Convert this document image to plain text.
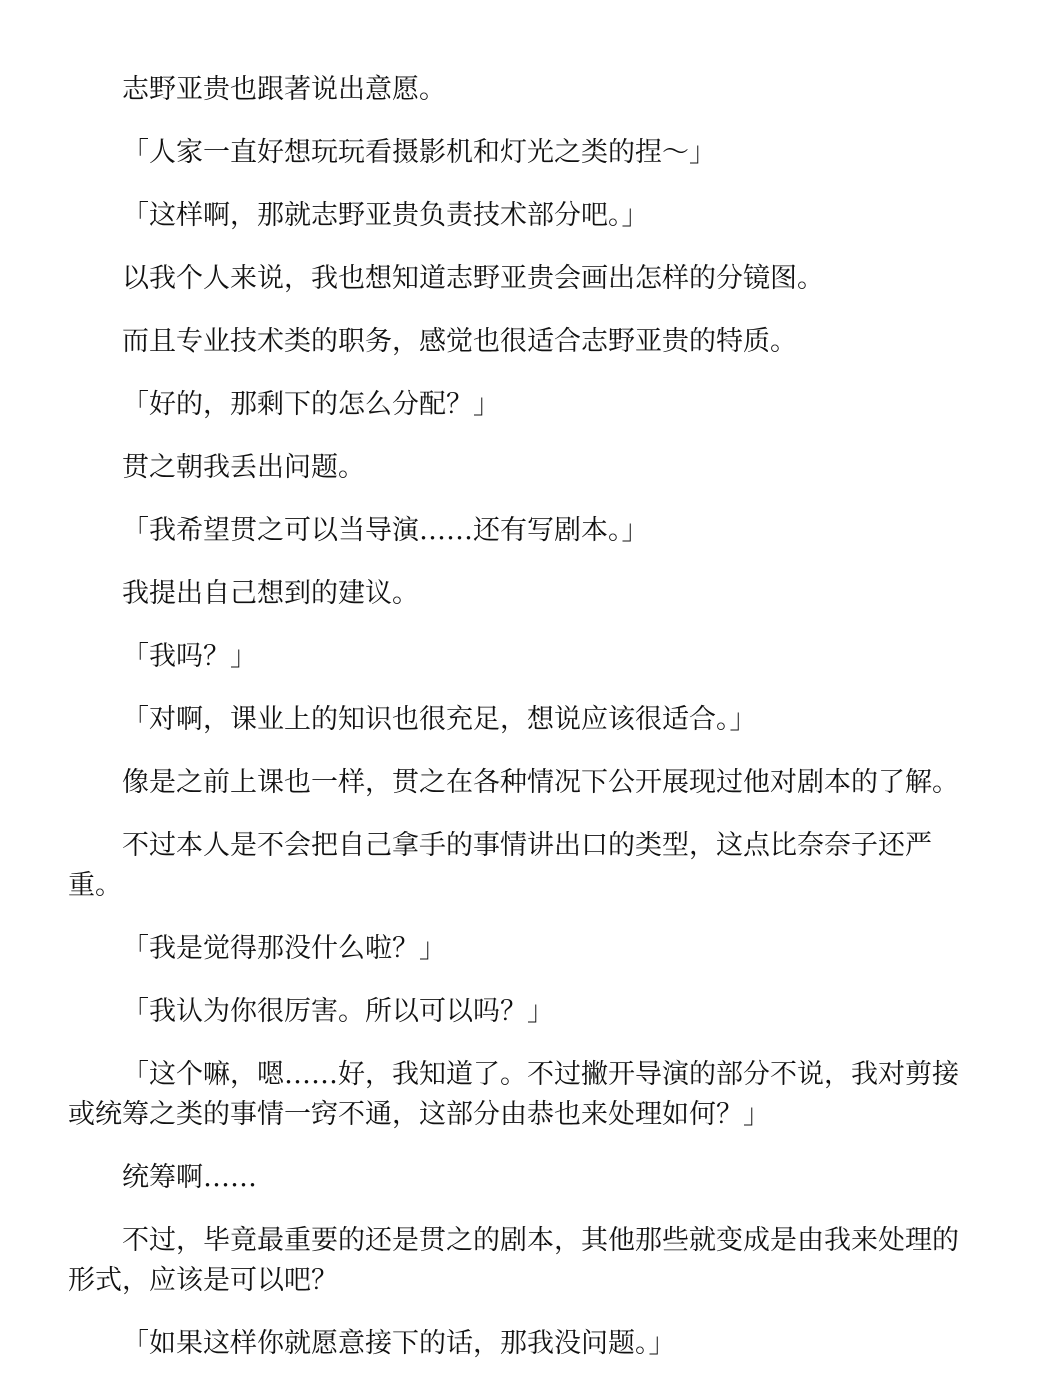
志野亚贵也跟著说出意愿。

「人家一直好想玩玩看摄影机和灯光之类的捏～」

「这样啊，那就志野亚贵负责技术部分吧。」

以我个人来说，我也想知道志野亚贵会画出怎样的分镜图。

而且专业技术类的职务，感觉也很适合志野亚贵的特质。

「好的，那剩下的怎么分配？」

贯之朝我丢出问题。

「我希望贯之可以当导演……还有写剧本。」

我提出自己想到的建议。

「我吗？」

「对啊，课业上的知识也很充足，想说应该很适合。」

像是之前上课也一样，贯之在各种情况下公开展现过他对剧本的了解。

不过本人是不会把自己拿手的事情讲出口的类型，这点比奈奈子还严重。

「我是觉得那没什么啦？」

「我认为你很厉害。所以可以吗？」

「这个嘛，嗯……好，我知道了。不过撇开导演的部分不说，我对剪接或统筹之类的事情一窍不通，这部分由恭也来处理如何？」

统筹啊……

不过，毕竟最重要的还是贯之的剧本，其他那些就变成是由我来处理的形式，应该是可以吧？

「如果这样你就愿意接下的话，那我没问题。」
